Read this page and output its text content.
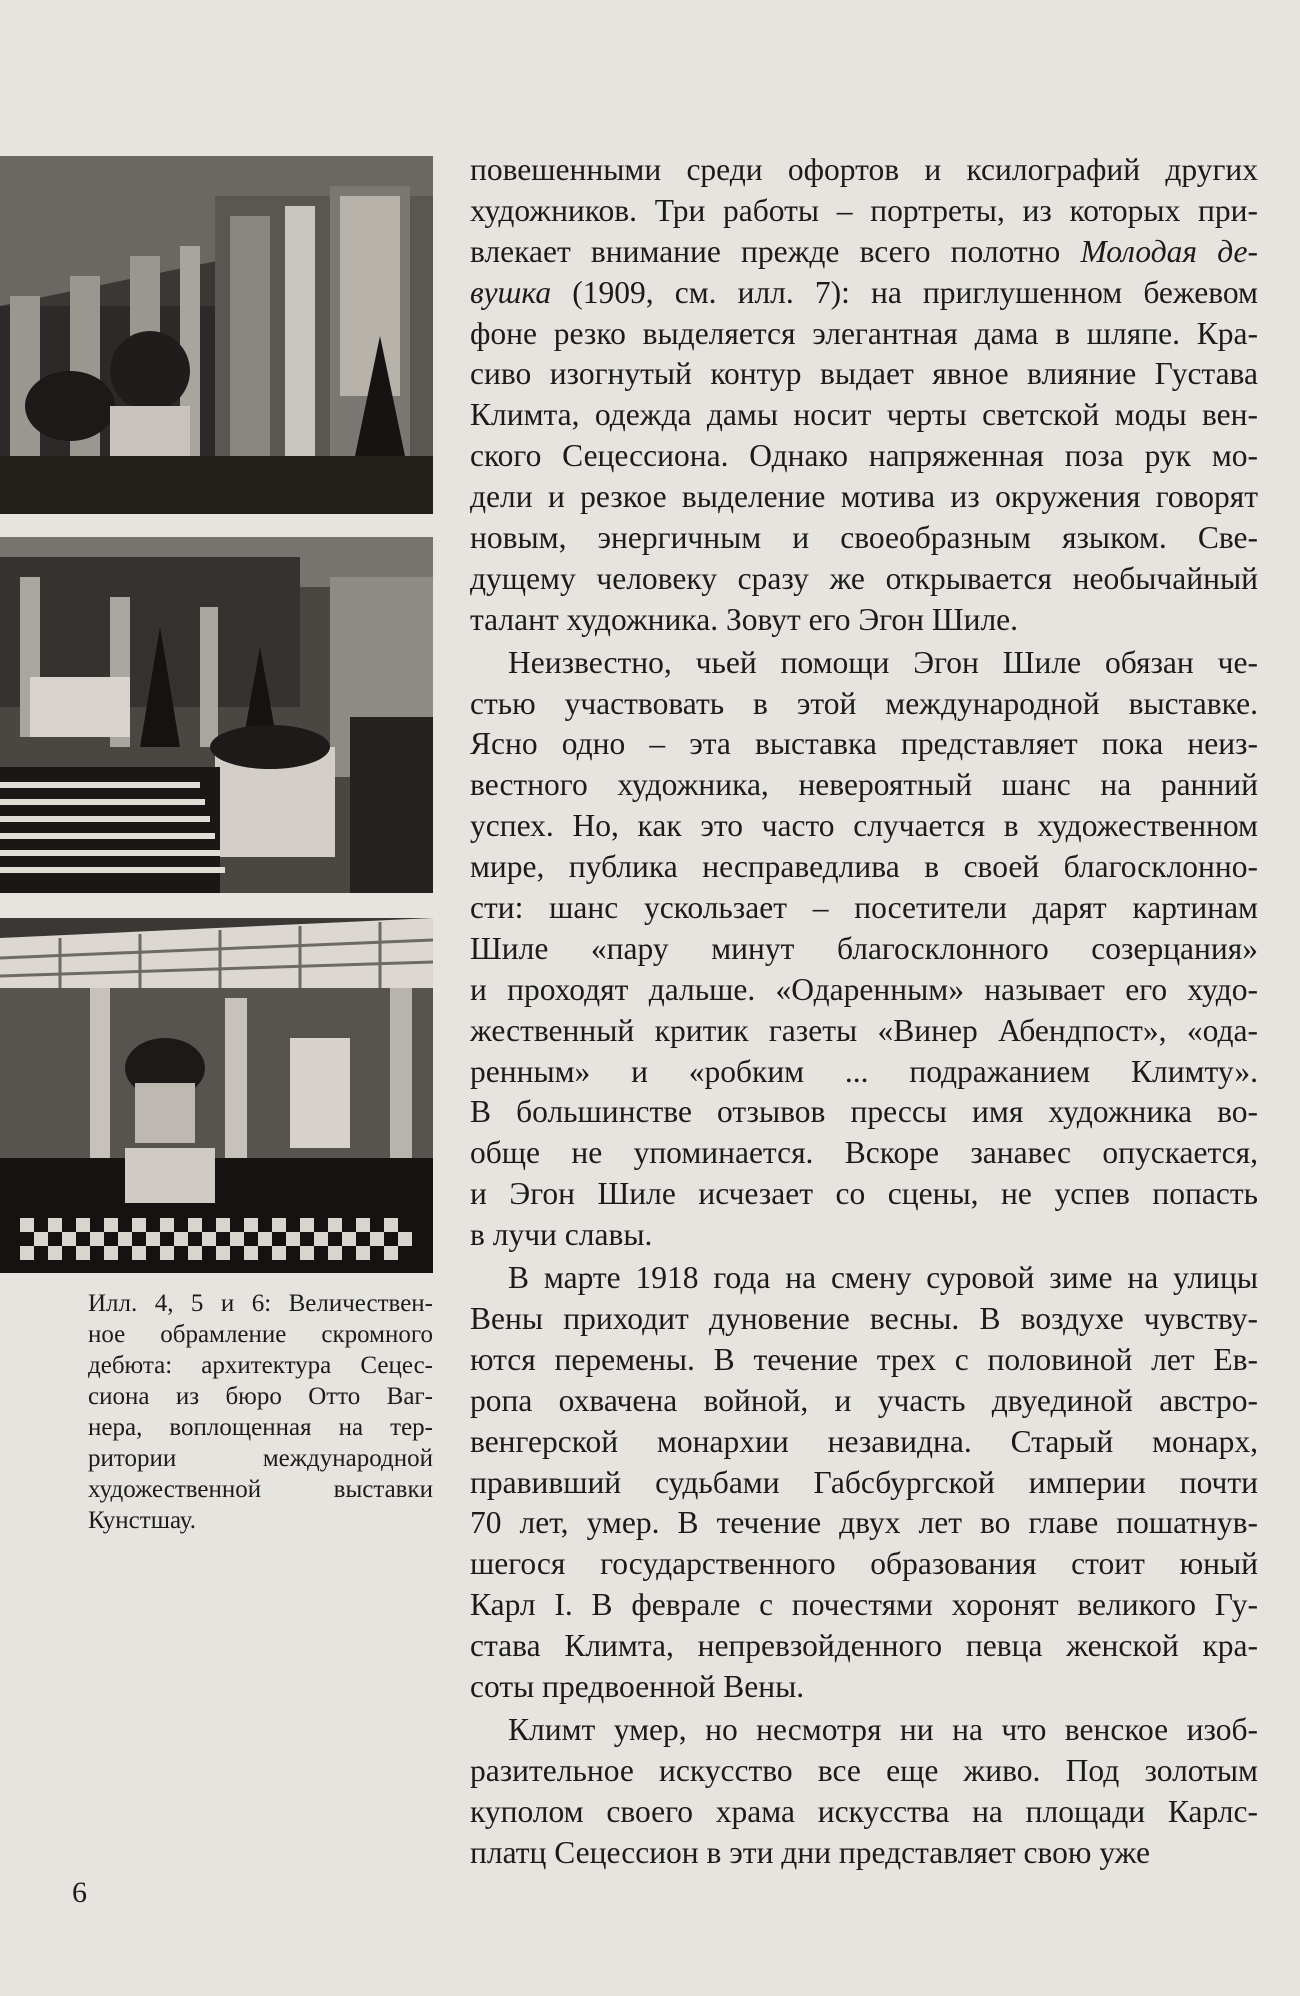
Илл. 4, 5 и 6: Величествен-
ное обрамление скромного
дебюта: архитектура Сецес-
сиона из бюро Отто Ваг-
нера, воплощенная на тер-
ритории международной
художественной выставки
Кунстшау.
повешенными среди офортов и ксилографий других
художников. Три работы – портреты, из которых при-
влекает внимание прежде всего полотно Молодая де-
вушка (1909, см. илл. 7): на приглушенном бежевом
фоне резко выделяется элегантная дама в шляпе. Кра-
сиво изогнутый контур выдает явное влияние Густава
Климта, одежда дамы носит черты светской моды вен-
ского Сецессиона. Однако напряженная поза рук мо-
дели и резкое выделение мотива из окружения говорят
новым, энергичным и своеобразным языком. Све-
дущему человеку сразу же открывается необычайный
талант художника. Зовут его Эгон Шиле.
Неизвестно, чьей помощи Эгон Шиле обязан че-
стью участвовать в этой международной выставке.
Ясно одно – эта выставка представляет пока неиз-
вестного художника, невероятный шанс на ранний
успех. Но, как это часто случается в художественном
мире, публика несправедлива в своей благосклонно-
сти: шанс ускользает – посетители дарят картинам
Шиле «пару минут благосклонного созерцания»
и проходят дальше. «Одаренным» называет его худо-
жественный критик газеты «Винер Абендпост», «ода-
ренным» и «робким ... подражанием Климту».
В большинстве отзывов прессы имя художника во-
обще не упоминается. Вскоре занавес опускается,
и Эгон Шиле исчезает со сцены, не успев попасть
в лучи славы.
В марте 1918 года на смену суровой зиме на улицы
Вены приходит дуновение весны. В воздухе чувству-
ются перемены. В течение трех с половиной лет Ев-
ропа охвачена войной, и участь двуединой австро-
венгерской монархии незавидна. Старый монарх,
правивший судьбами Габсбургской империи почти
70 лет, умер. В течение двух лет во главе пошатнув-
шегося государственного образования стоит юный
Карл I. В феврале с почестями хоронят великого Гу-
става Климта, непревзойденного певца женской кра-
соты предвоенной Вены.
Климт умер, но несмотря ни на что венское изоб-
разительное искусство все еще живо. Под золотым
куполом своего храма искусства на площади Карлс-
платц Сецессион в эти дни представляет свою уже
6
